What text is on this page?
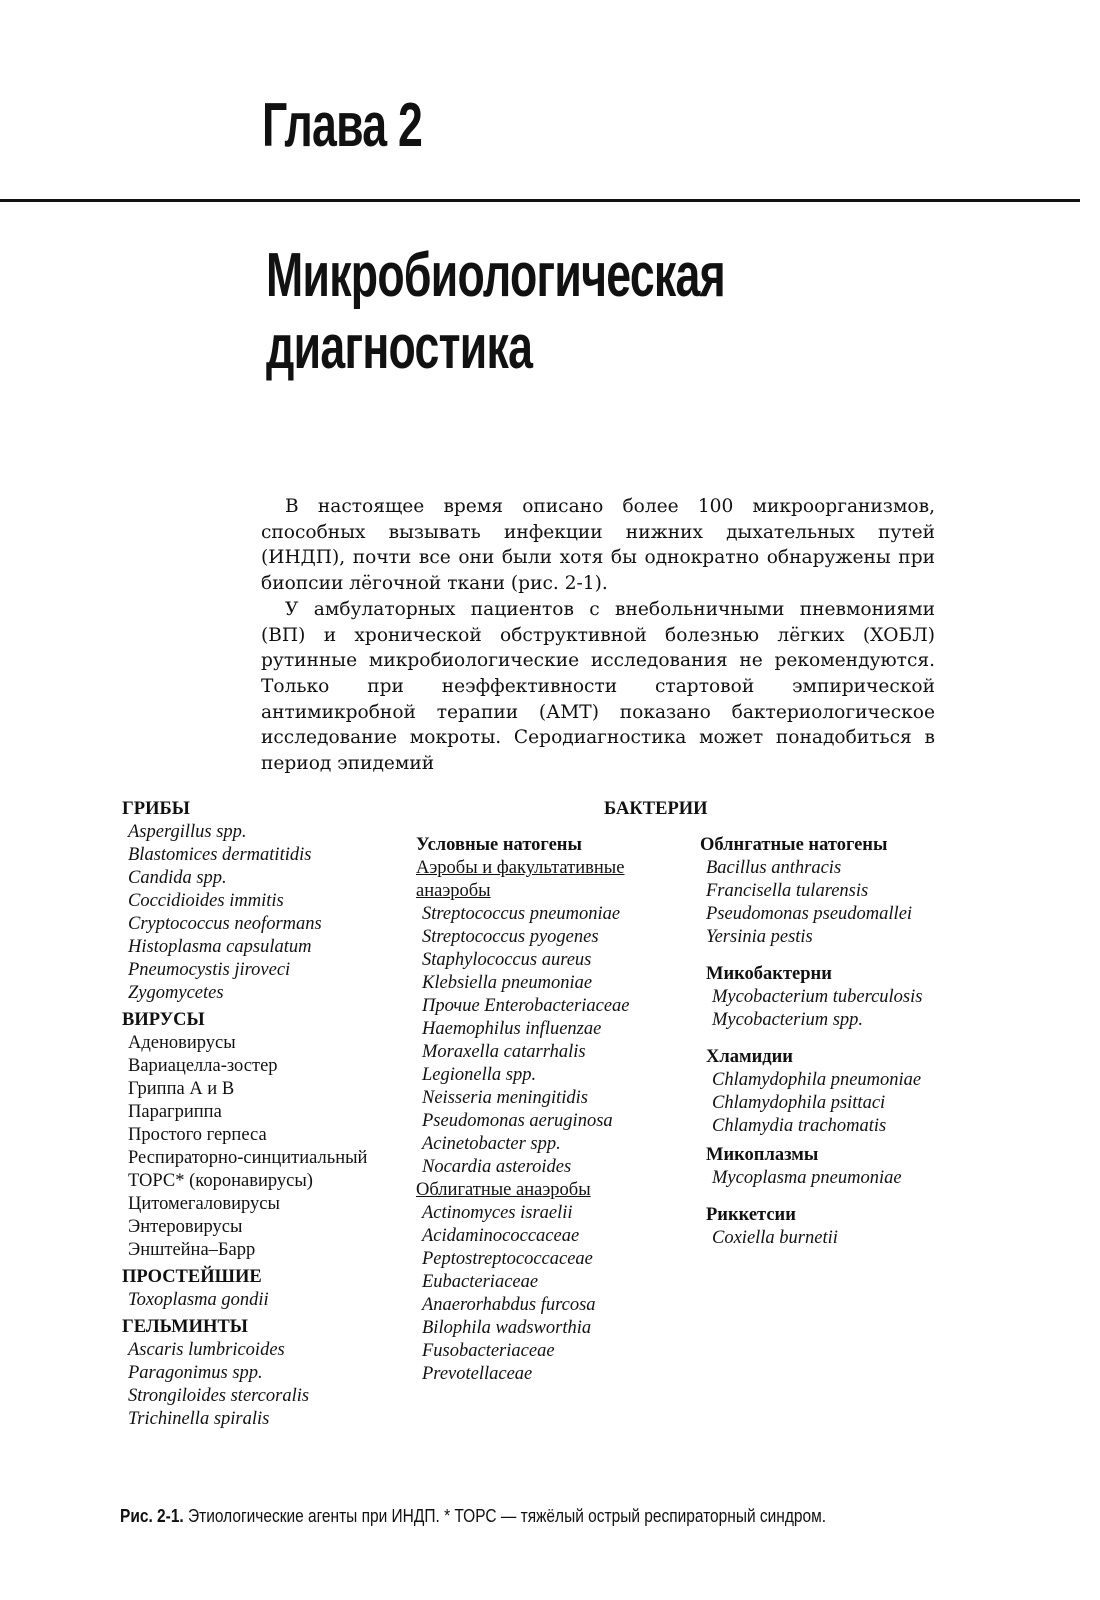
Глава 2
Микробиологическая
диагностика

В настоящее время описано более 100 микроорганизмов, способных вызывать инфекции нижних дыхательных путей (ИНДП), почти все они были хотя бы однократно обнаружены при биопсии лёгочной ткани (рис. 2-1).

У амбулаторных пациентов с внебольничными пневмониями (ВП) и хронической обструктивной болезнью лёгких (ХОБЛ) рутинные микробиологические исследования не рекомендуются. Только при неэффективности стартовой эмпирической антимикробной терапии (АМТ) показано бактериологическое исследование мокроты. Серодиагностика может понадобиться в период эпидемий

ГРИБЫ
Aspergillus spp.
Blastomices dermatitidis
Candida spp.
Coccidioides immitis
Cryptococcus neoformans
Histoplasma capsulatum
Pneumocystis jiroveci
Zygomycetes
ВИРУСЫ
Аденовирусы
Вариацелла-зостер
Гриппа А и В
Парагриппа
Простого герпеса
Респираторно-синцитиальный
ТОРС* (коронавирусы)
Цитомегаловирусы
Энтеровирусы
Энштейна–Барр
ПРОСТЕЙШИЕ
Toxoplasma gondii
ГЕЛЬМИНТЫ
Ascaris lumbricoides
Paragonimus spp.
Strongiloides stercoralis
Trichinella spiralis
БАКТЕРИИ
Условные натогены
Аэробы и факультативные
анаэробы
Streptococcus pneumoniae
Streptococcus pyogenes
Staphylococcus aureus
Klebsiella pneumoniae
Прочие Enterobacteriaceae
Haemophilus influenzae
Moraxella catarrhalis
Legionella spp.
Neisseria meningitidis
Pseudomonas aeruginosa
Acinetobacter spp.
Nocardia asteroides
Облигатные анаэробы
Actinomyces israelii
Acidaminococcaceae
Peptostreptococcaceae
Eubacteriaceae
Anaerorhabdus furcosa
Bilophila wadsworthia
Fusobacteriaceae
Prevotellaceae
Облнгатные натогены
Bacillus anthracis
Francisella tularensis
Pseudomonas pseudomallei
Yersinia pestis
Микобактерни
Mycobacterium tuberculosis
Mycobacterium spp.
Хламидии
Chlamydophila pneumoniae
Chlamydophila psittaci
Chlamydia trachomatis
Микоплазмы
Mycoplasma pneumoniae
Риккетсии
Coxiella burnetii
Рис. 2-1. Этиологические агенты при ИНДП. * ТОРС — тяжёлый острый респираторный синдром.
